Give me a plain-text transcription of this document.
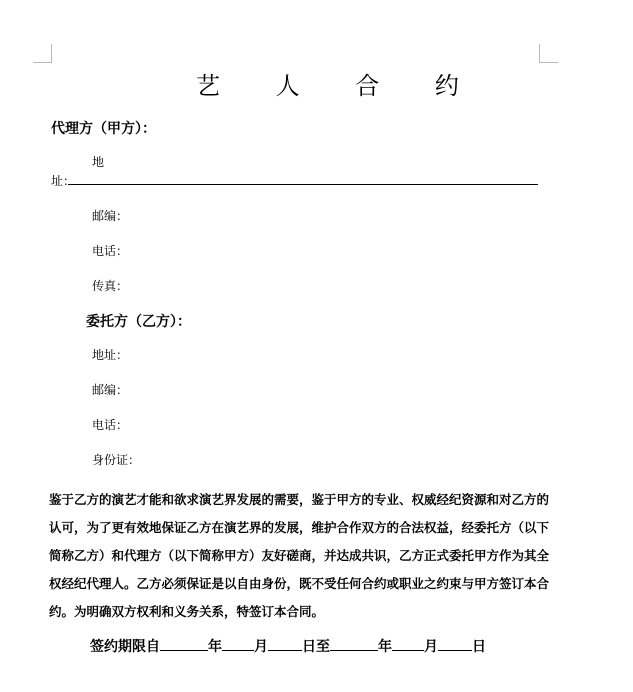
艺 人 合 约
代理方（甲方）：
地
址：
邮编：
电话：
传真：
委托方（乙方）：
地址：
邮编：
电话：
身份证：
鉴于乙方的演艺才能和欲求演艺界发展的需要，鉴于甲方的专业、权威经纪资源和对乙方的认可，为了更有效地保证乙方在演艺界的发展，维护合作双方的合法权益，经委托方（以下简称乙方）和代理方（以下简称甲方）友好磋商，并达成共识，乙方正式委托甲方作为其全权经纪代理人。乙方必须保证是以自由身份，既不受任何合约或职业之约束与甲方签订本合约。为明确双方权利和义务关系，特签订本合同。
签约期限自	年 月 日至	年 月 日
